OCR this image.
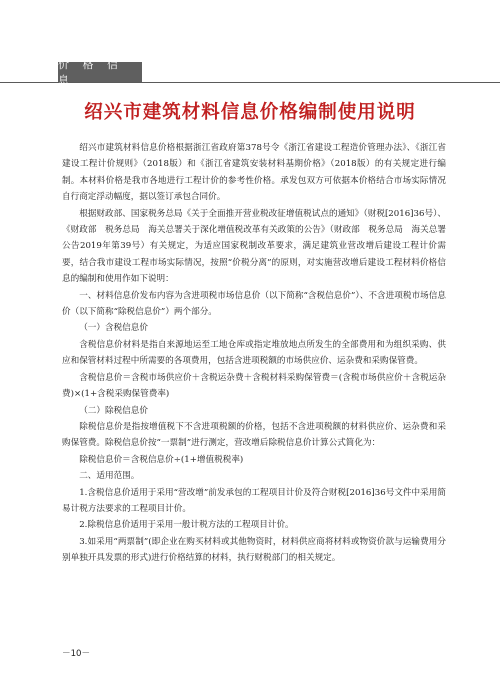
价 格 信 息
绍兴市建筑材料信息价格编制使用说明

绍兴市建筑材料信息价格根据浙江省政府第378号令《浙江省建设工程造价管理办法》、《浙江省建设工程计价规则》（2018版）和《浙江省建筑安装材料基期价格》（2018版）的有关规定进行编制。本材料价格是我市各地进行工程计价的参考性价格。承发包双方可依据本价格结合市场实际情况自行商定浮动幅度，据以签订承包合同价。

根据财政部、国家税务总局《关于全面推开营业税改征增值税试点的通知》（财税[2016]36号）、《财政部　税务总局　海关总署关于深化增值税改革有关政策的公告》（财政部　税务总局　海关总署公告2019年第39号）有关规定，为适应国家税制改革要求，满足建筑业营改增后建设工程计价需要，结合我市建设工程市场实际情况，按照“价税分离”的原则，对实施营改增后建设工程材料价格信息的编制和使用作如下说明：

一、材料信息价发布内容为含进项税市场信息价（以下简称“含税信息价”）、不含进项税市场信息价（以下简称“除税信息价”）两个部分。

（一）含税信息价

含税信息价材料是指自来源地运至工地仓库或指定堆放地点所发生的全部费用和为组织采购、供应和保管材料过程中所需要的各项费用，包括含进项税额的市场供应价、运杂费和采购保管费。

含税信息价＝含税市场供应价＋含税运杂费＋含税材料采购保管费＝(含税市场供应价＋含税运杂费)×(1+含税采购保管费率)

（二）除税信息价

除税信息价是指按增值税下不含进项税额的价格，包括不含进项税额的材料供应价、运杂费和采购保管费。除税信息价按“一票制”进行测定，营改增后除税信息价计算公式简化为：

除税信息价＝含税信息价÷(1+增值税税率)

二、适用范围。

1.含税信息价适用于采用“营改增”前发承包的工程项目计价及符合财税[2016]36号文件中采用简易计税方法要求的工程项目计价。

2.除税信息价适用于采用一般计税方法的工程项目计价。

3.如采用“两票制”(即企业在购买材料或其他物资时，材料供应商将材料或物资价款与运输费用分别单独开具发票的形式)进行价格结算的材料，执行财税部门的相关规定。

－10－
